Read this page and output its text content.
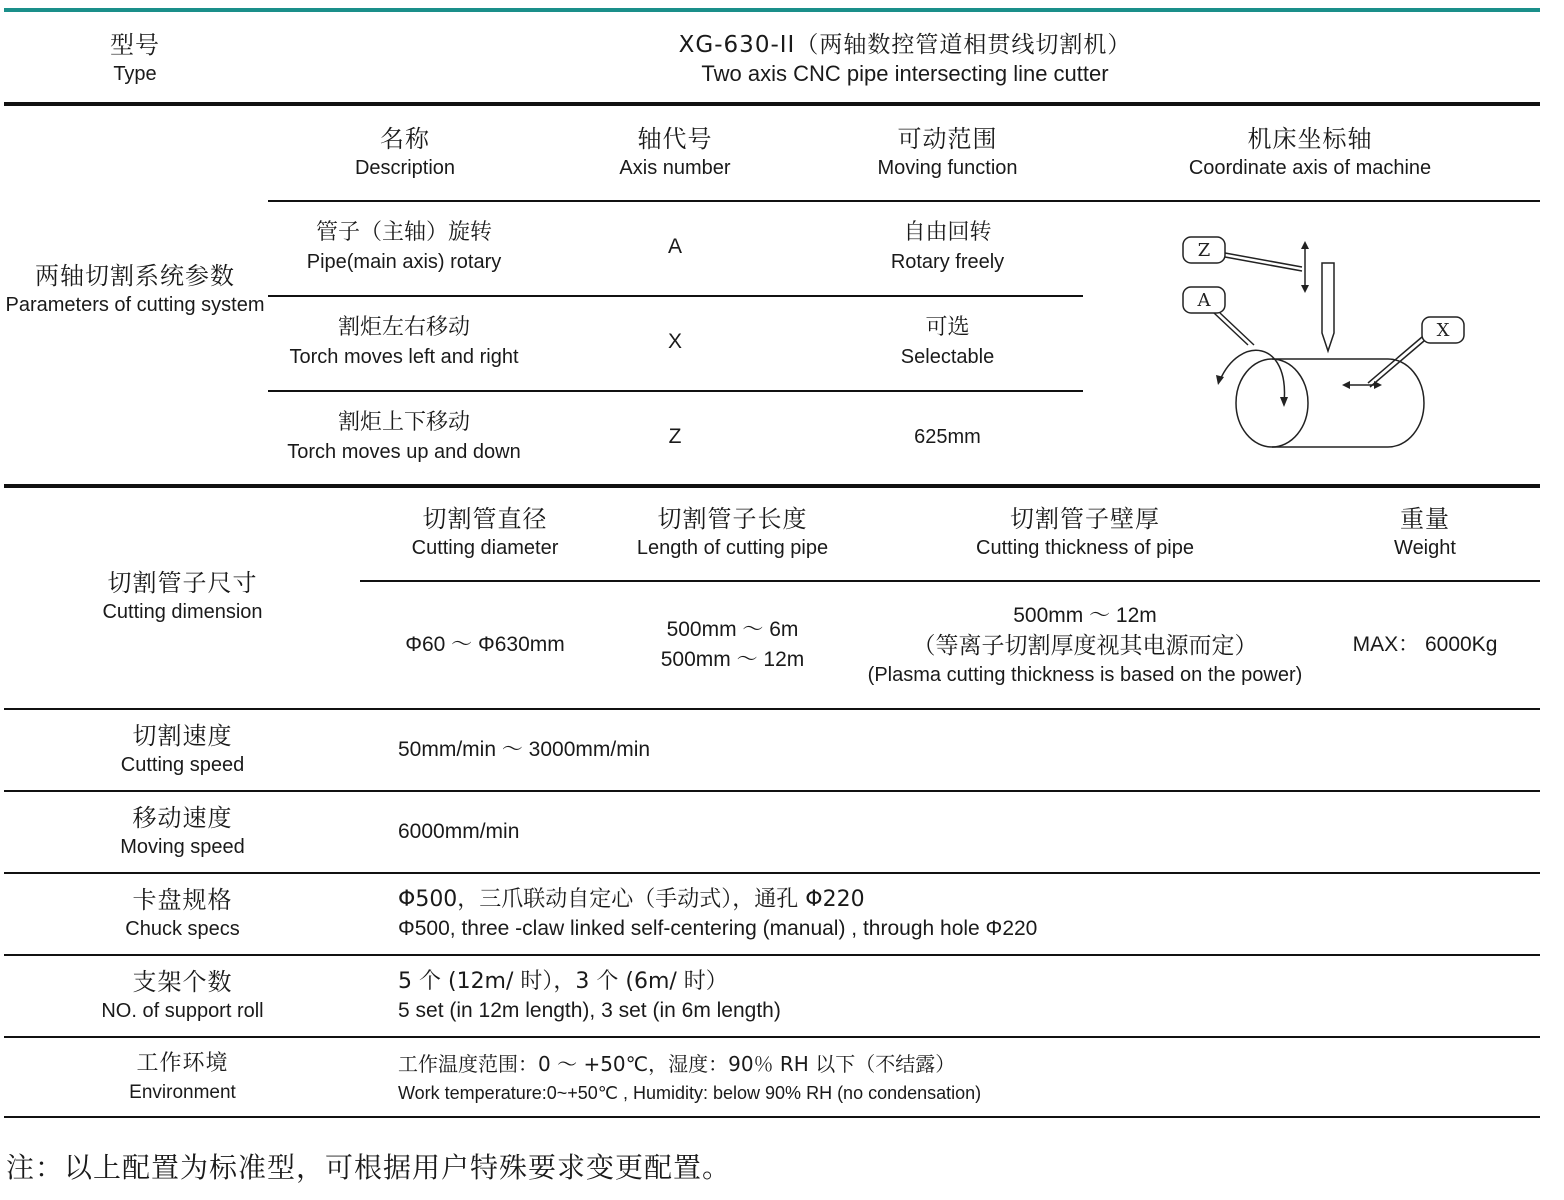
型号
Type
XG-630-II（两轴数控管道相贯线切割机）
Two axis CNC pipe intersecting line cutter
两轴切割系统参数
Parameters of cutting system
名称
Description
轴代号
Axis number
可动范围
Moving function
机床坐标轴
Coordinate axis of machine
管子（主轴）旋转
Pipe(main axis) rotary
A
自由回转
Rotary freely
割炬左右移动
Torch moves left and right
X
可选
Selectable
割炬上下移动
Torch moves up and down
Z	625mm
Z
A
X
切割管子尺寸
Cutting dimension
切割管直径
Cutting diameter
切割管子长度
Length of cutting pipe
切割管子壁厚
Cutting thickness of pipe
重量
Weight
Φ60 ～ Φ630mm
500mm ～ 6m
500mm ～ 12m
500mm ～ 12m
（等离子切割厚度视其电源而定）
(Plasma cutting thickness is based on the power)
MAX： 6000Kg
切割速度
Cutting speed
50mm/min ～ 3000mm/min
移动速度
Moving speed
6000mm/min
卡盘规格
Chuck specs
Φ500，三爪联动自定心（手动式），通孔 Φ220
Φ500, three -claw linked self-centering (manual) , through hole Φ220
支架个数
NO. of support roll
5 个 (12m/ 时），3 个 (6m/ 时）
5 set (in 12m length), 3 set (in 6m length)
工作环境
Environment
工作温度范围：0 ～ +50℃，湿度：90％ RH 以下（不结露）
Work temperature:0~+50℃ , Humidity: below 90% RH (no condensation)
注：以上配置为标准型，可根据用户特殊要求变更配置。
